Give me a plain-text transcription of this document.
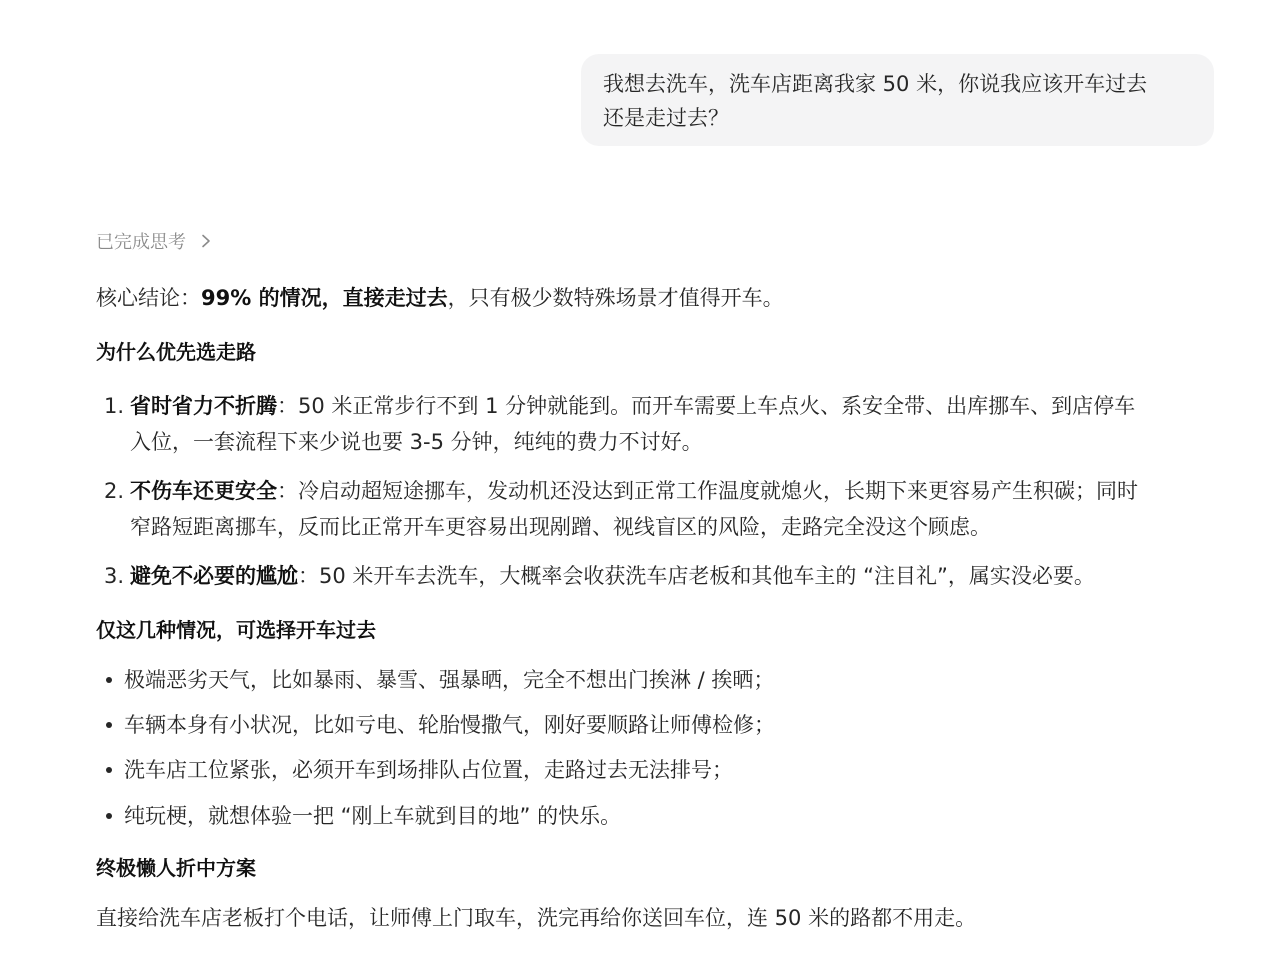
我想去洗车，洗车店距离我家 50 米，你说我应该开车过去
还是走过去？
已完成思考
核心结论：99% 的情况，直接走过去，只有极少数特殊场景才值得开车。
为什么优先选走路
1. 省时省力不折腾：50 米正常步行不到 1 分钟就能到。而开车需要上车点火、系安全带、出库挪车、到店停车
入位，一套流程下来少说也要 3-5 分钟，纯纯的费力不讨好。
2. 不伤车还更安全：冷启动超短途挪车，发动机还没达到正常工作温度就熄火，长期下来更容易产生积碳；同时
窄路短距离挪车，反而比正常开车更容易出现剐蹭、视线盲区的风险，走路完全没这个顾虑。
3. 避免不必要的尴尬：50 米开车去洗车，大概率会收获洗车店老板和其他车主的 “注目礼”，属实没必要。
仅这几种情况，可选择开车过去
极端恶劣天气，比如暴雨、暴雪、强暴晒，完全不想出门挨淋 / 挨晒；
车辆本身有小状况，比如亏电、轮胎慢撒气，刚好要顺路让师傅检修；
洗车店工位紧张，必须开车到场排队占位置，走路过去无法排号；
纯玩梗，就想体验一把 “刚上车就到目的地” 的快乐。
终极懒人折中方案
直接给洗车店老板打个电话，让师傅上门取车，洗完再给你送回车位，连 50 米的路都不用走。
